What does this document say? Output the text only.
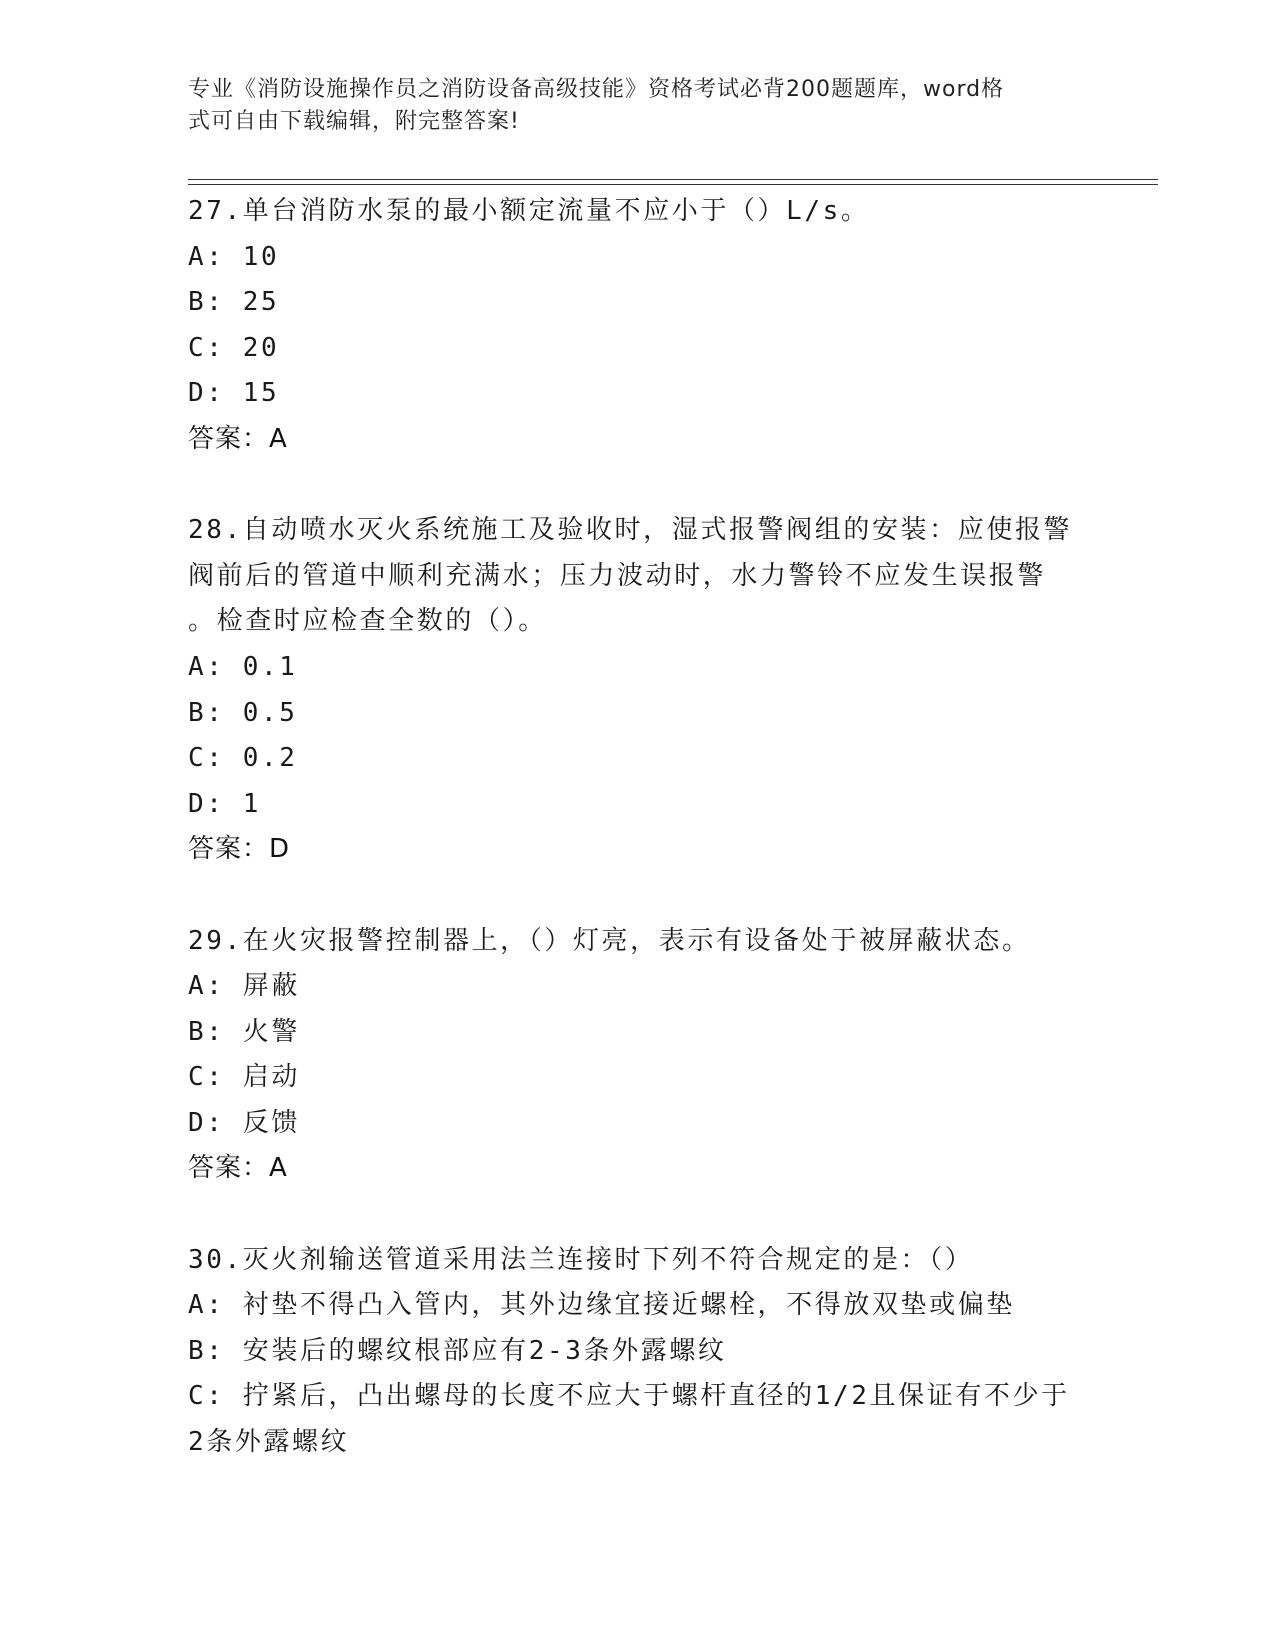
专业《消防设施操作员之消防设备高级技能》资格考试必背200题题库，word格
式可自由下载编辑，附完整答案!
27.单台消防水泵的最小额定流量不应小于（）L/s。
A: 10
B: 25
C: 20
D: 15
答案：A
28.自动喷水灭火系统施工及验收时，湿式报警阀组的安装：应使报警
阀前后的管道中顺利充满水；压力波动时，水力警铃不应发生误报警
。检查时应检查全数的（）。
A: 0.1
B: 0.5
C: 0.2
D: 1
答案：D
29.在火灾报警控制器上，（）灯亮，表示有设备处于被屏蔽状态。
A: 屏蔽
B: 火警
C: 启动
D: 反馈
答案：A
30.灭火剂输送管道采用法兰连接时下列不符合规定的是：（）
A: 衬垫不得凸入管内，其外边缘宜接近螺栓，不得放双垫或偏垫
B: 安装后的螺纹根部应有2-3条外露螺纹
C: 拧紧后，凸出螺母的长度不应大于螺杆直径的1/2且保证有不少于
2条外露螺纹
